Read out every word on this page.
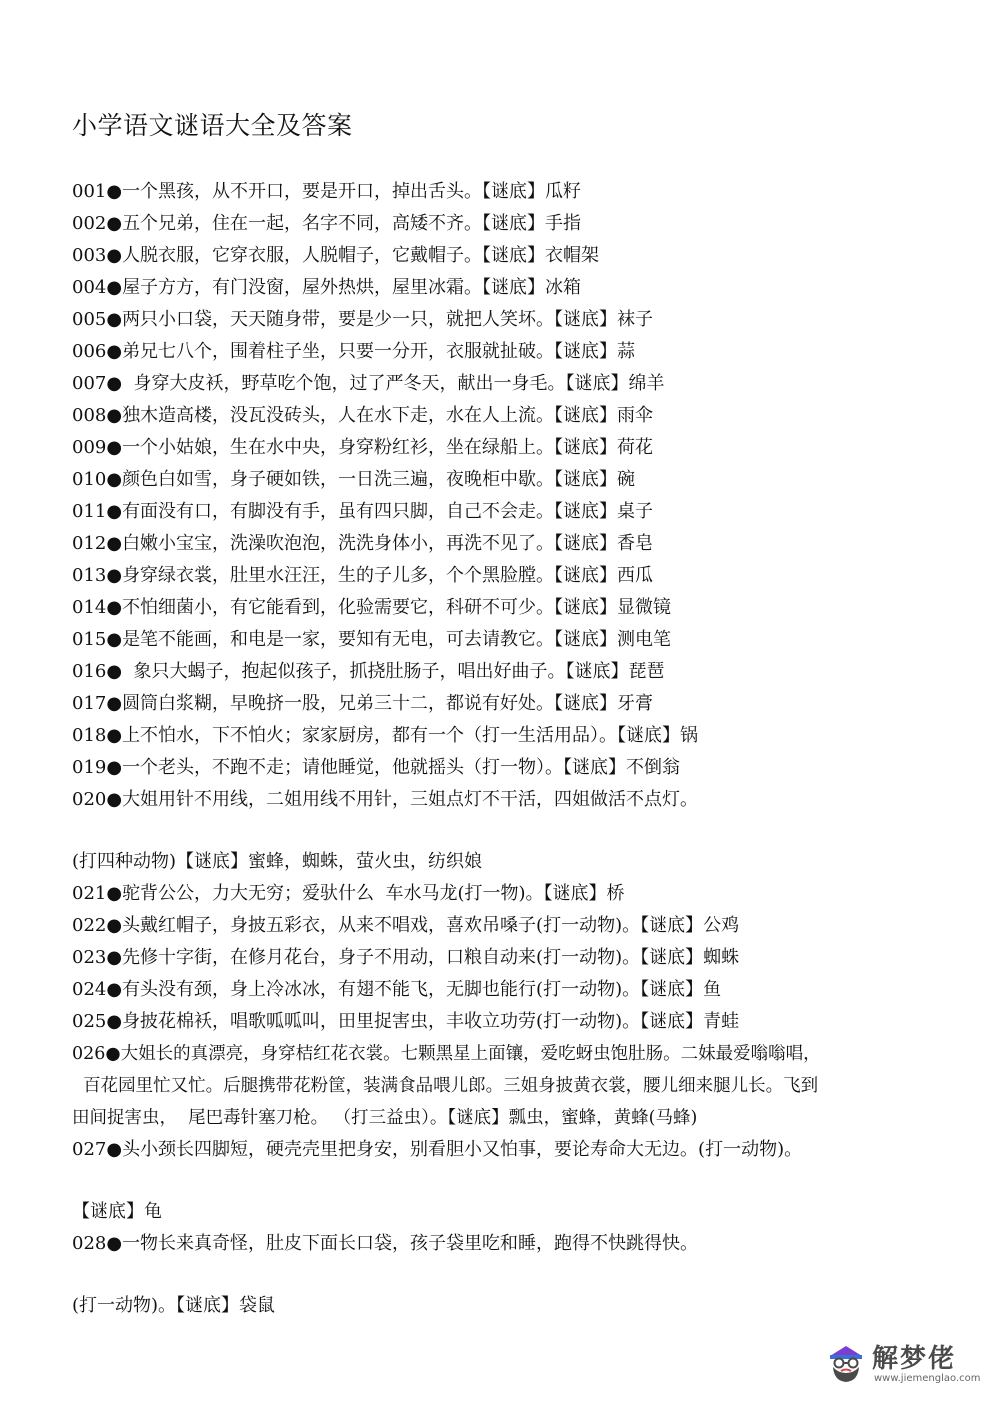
小学语文谜语大全及答案
001●一个黑孩，从不开口，要是开口，掉出舌头。【谜底】瓜籽
002●五个兄弟，住在一起，名字不同，高矮不齐。【谜底】手指
003●人脱衣服，它穿衣服，人脱帽子，它戴帽子。【谜底】衣帽架
004●屋子方方，有门没窗，屋外热烘，屋里冰霜。【谜底】冰箱
005●两只小口袋，天天随身带，要是少一只，就把人笑坏。【谜底】袜子
006●弟兄七八个，围着柱子坐，只要一分开，衣服就扯破。【谜底】蒜
007●  身穿大皮袄，野草吃个饱，过了严冬天，献出一身毛。【谜底】绵羊
008●独木造高楼，没瓦没砖头，人在水下走，水在人上流。【谜底】雨伞
009●一个小姑娘，生在水中央，身穿粉红衫，坐在绿船上。【谜底】荷花
010●颜色白如雪，身子硬如铁，一日洗三遍，夜晚柜中歇。【谜底】碗
011●有面没有口，有脚没有手，虽有四只脚，自己不会走。【谜底】桌子
012●白嫩小宝宝，洗澡吹泡泡，洗洗身体小，再洗不见了。【谜底】香皂
013●身穿绿衣裳，肚里水汪汪，生的子儿多，个个黑脸膛。【谜底】西瓜
014●不怕细菌小，有它能看到，化验需要它，科研不可少。【谜底】显微镜
015●是笔不能画，和电是一家，要知有无电，可去请教它。【谜底】测电笔
016●  象只大蝎子，抱起似孩子，抓挠肚肠子，唱出好曲子。【谜底】琵琶
017●圆筒白浆糊，早晚挤一股，兄弟三十二，都说有好处。【谜底】牙膏
018●上不怕水，下不怕火；家家厨房，都有一个（打一生活用品）。【谜底】锅
019●一个老头，不跑不走；请他睡觉，他就摇头（打一物）。【谜底】不倒翁
020●大姐用针不用线，二姐用线不用针，三姐点灯不干活，四姐做活不点灯。
(打四种动物)【谜底】蜜蜂，蜘蛛，萤火虫，纺织娘
021●驼背公公，力大无穷；爱驮什么  车水马龙(打一物)。【谜底】桥
022●头戴红帽子，身披五彩衣，从来不唱戏，喜欢吊嗓子(打一动物)。【谜底】公鸡
023●先修十字街，在修月花台，身子不用动，口粮自动来(打一动物)。【谜底】蜘蛛
024●有头没有颈，身上冷冰冰，有翅不能飞，无脚也能行(打一动物)。【谜底】鱼
025●身披花棉袄，唱歌呱呱叫，田里捉害虫，丰收立功劳(打一动物)。【谜底】青蛙
026●大姐长的真漂亮，身穿桔红花衣裳。七颗黑星上面镶，爱吃蚜虫饱肚肠。二妹最爱嗡嗡唱，
百花园里忙又忙。后腿携带花粉筐，装满食品喂儿郎。三姐身披黄衣裳，腰儿细来腿儿长。飞到
田间捉害虫，  尾巴毒针塞刀枪。 （打三益虫）。【谜底】瓢虫，蜜蜂，黄蜂(马蜂)
027●头小颈长四脚短，硬壳壳里把身安，别看胆小又怕事，要论寿命大无边。(打一动物)。
【谜底】龟
028●一物长来真奇怪，肚皮下面长口袋，孩子袋里吃和睡，跑得不快跳得快。
(打一动物)。【谜底】袋鼠
解梦佬
www.jiemenglao.com
